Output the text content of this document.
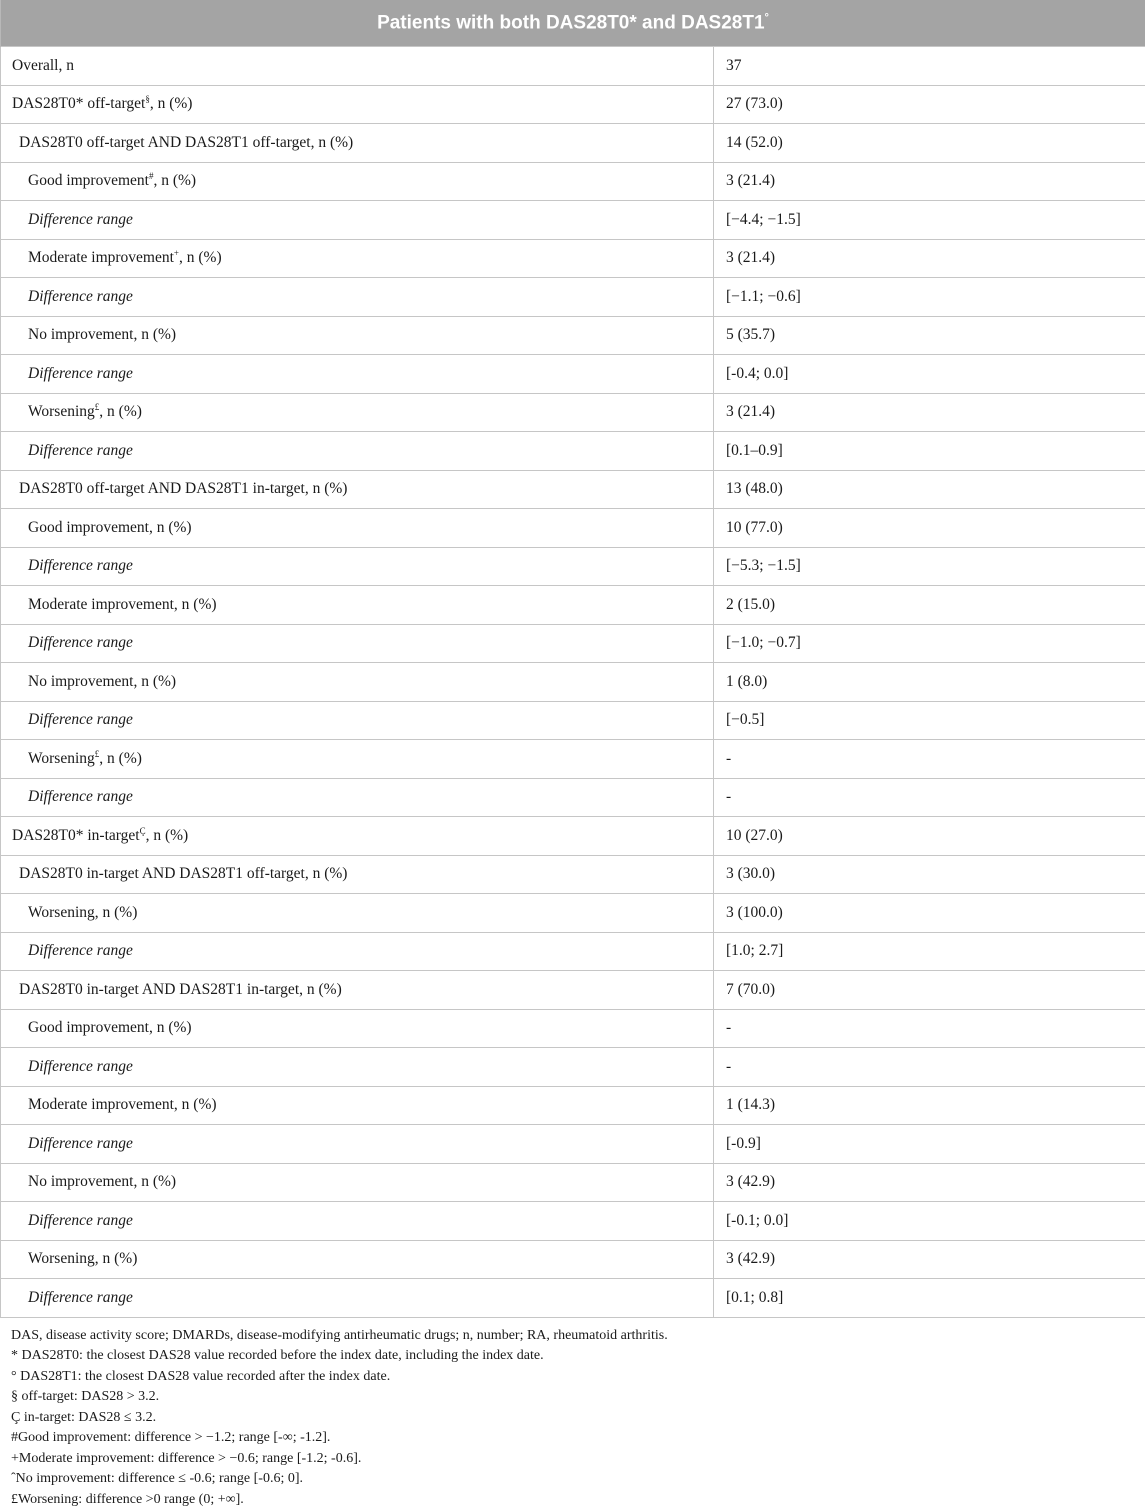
Patients with both DAS28T0* and DAS28T1°
Overall, n	37
DAS28T0* off-target§, n (%)	27 (73.0)
DAS28T0 off-target AND DAS28T1 off-target, n (%)	14 (52.0)
Good improvement#, n (%)	3 (21.4)
Difference range	[−4.4; −1.5]
Moderate improvement+, n (%)	3 (21.4)
Difference range	[−1.1; −0.6]
No improvement, n (%)	5 (35.7)
Difference range	[-0.4; 0.0]
Worsening£, n (%)	3 (21.4)
Difference range	[0.1–0.9]
DAS28T0 off-target AND DAS28T1 in-target, n (%)	13 (48.0)
Good improvement, n (%)	10 (77.0)
Difference range	[−5.3; −1.5]
Moderate improvement, n (%)	2 (15.0)
Difference range	[−1.0; −0.7]
No improvement, n (%)	1 (8.0)
Difference range	[−0.5]
Worsening£, n (%)	-
Difference range	-
DAS28T0* in-target$^Ç$, n (%)	10 (27.0)
DAS28T0 in-target AND DAS28T1 off-target, n (%)	3 (30.0)
Worsening, n (%)	3 (100.0)
Difference range	[1.0; 2.7]
DAS28T0 in-target AND DAS28T1 in-target, n (%)	7 (70.0)
Good improvement, n (%)	-
Difference range	-
Moderate improvement, n (%)	1 (14.3)
Difference range	[-0.9]
No improvement, n (%)	3 (42.9)
Difference range	[-0.1; 0.0]
Worsening, n (%)	3 (42.9)
Difference range	[0.1; 0.8]
DAS, disease activity score; DMARDs, disease-modifying antirheumatic drugs; n, number; RA, rheumatoid arthritis.
* DAS28T0: the closest DAS28 value recorded before the index date, including the index date.
° DAS28T1: the closest DAS28 value recorded after the index date.
§ off-target: DAS28 > 3.2.
Ç in-target: DAS28 ≤ 3.2.
#Good improvement: difference > −1.2; range [-∞; -1.2].
+Moderate improvement: difference > −0.6; range [-1.2; -0.6].
ˆNo improvement: difference ≤ -0.6; range [-0.6; 0].
£Worsening: difference >0 range (0; +∞].
